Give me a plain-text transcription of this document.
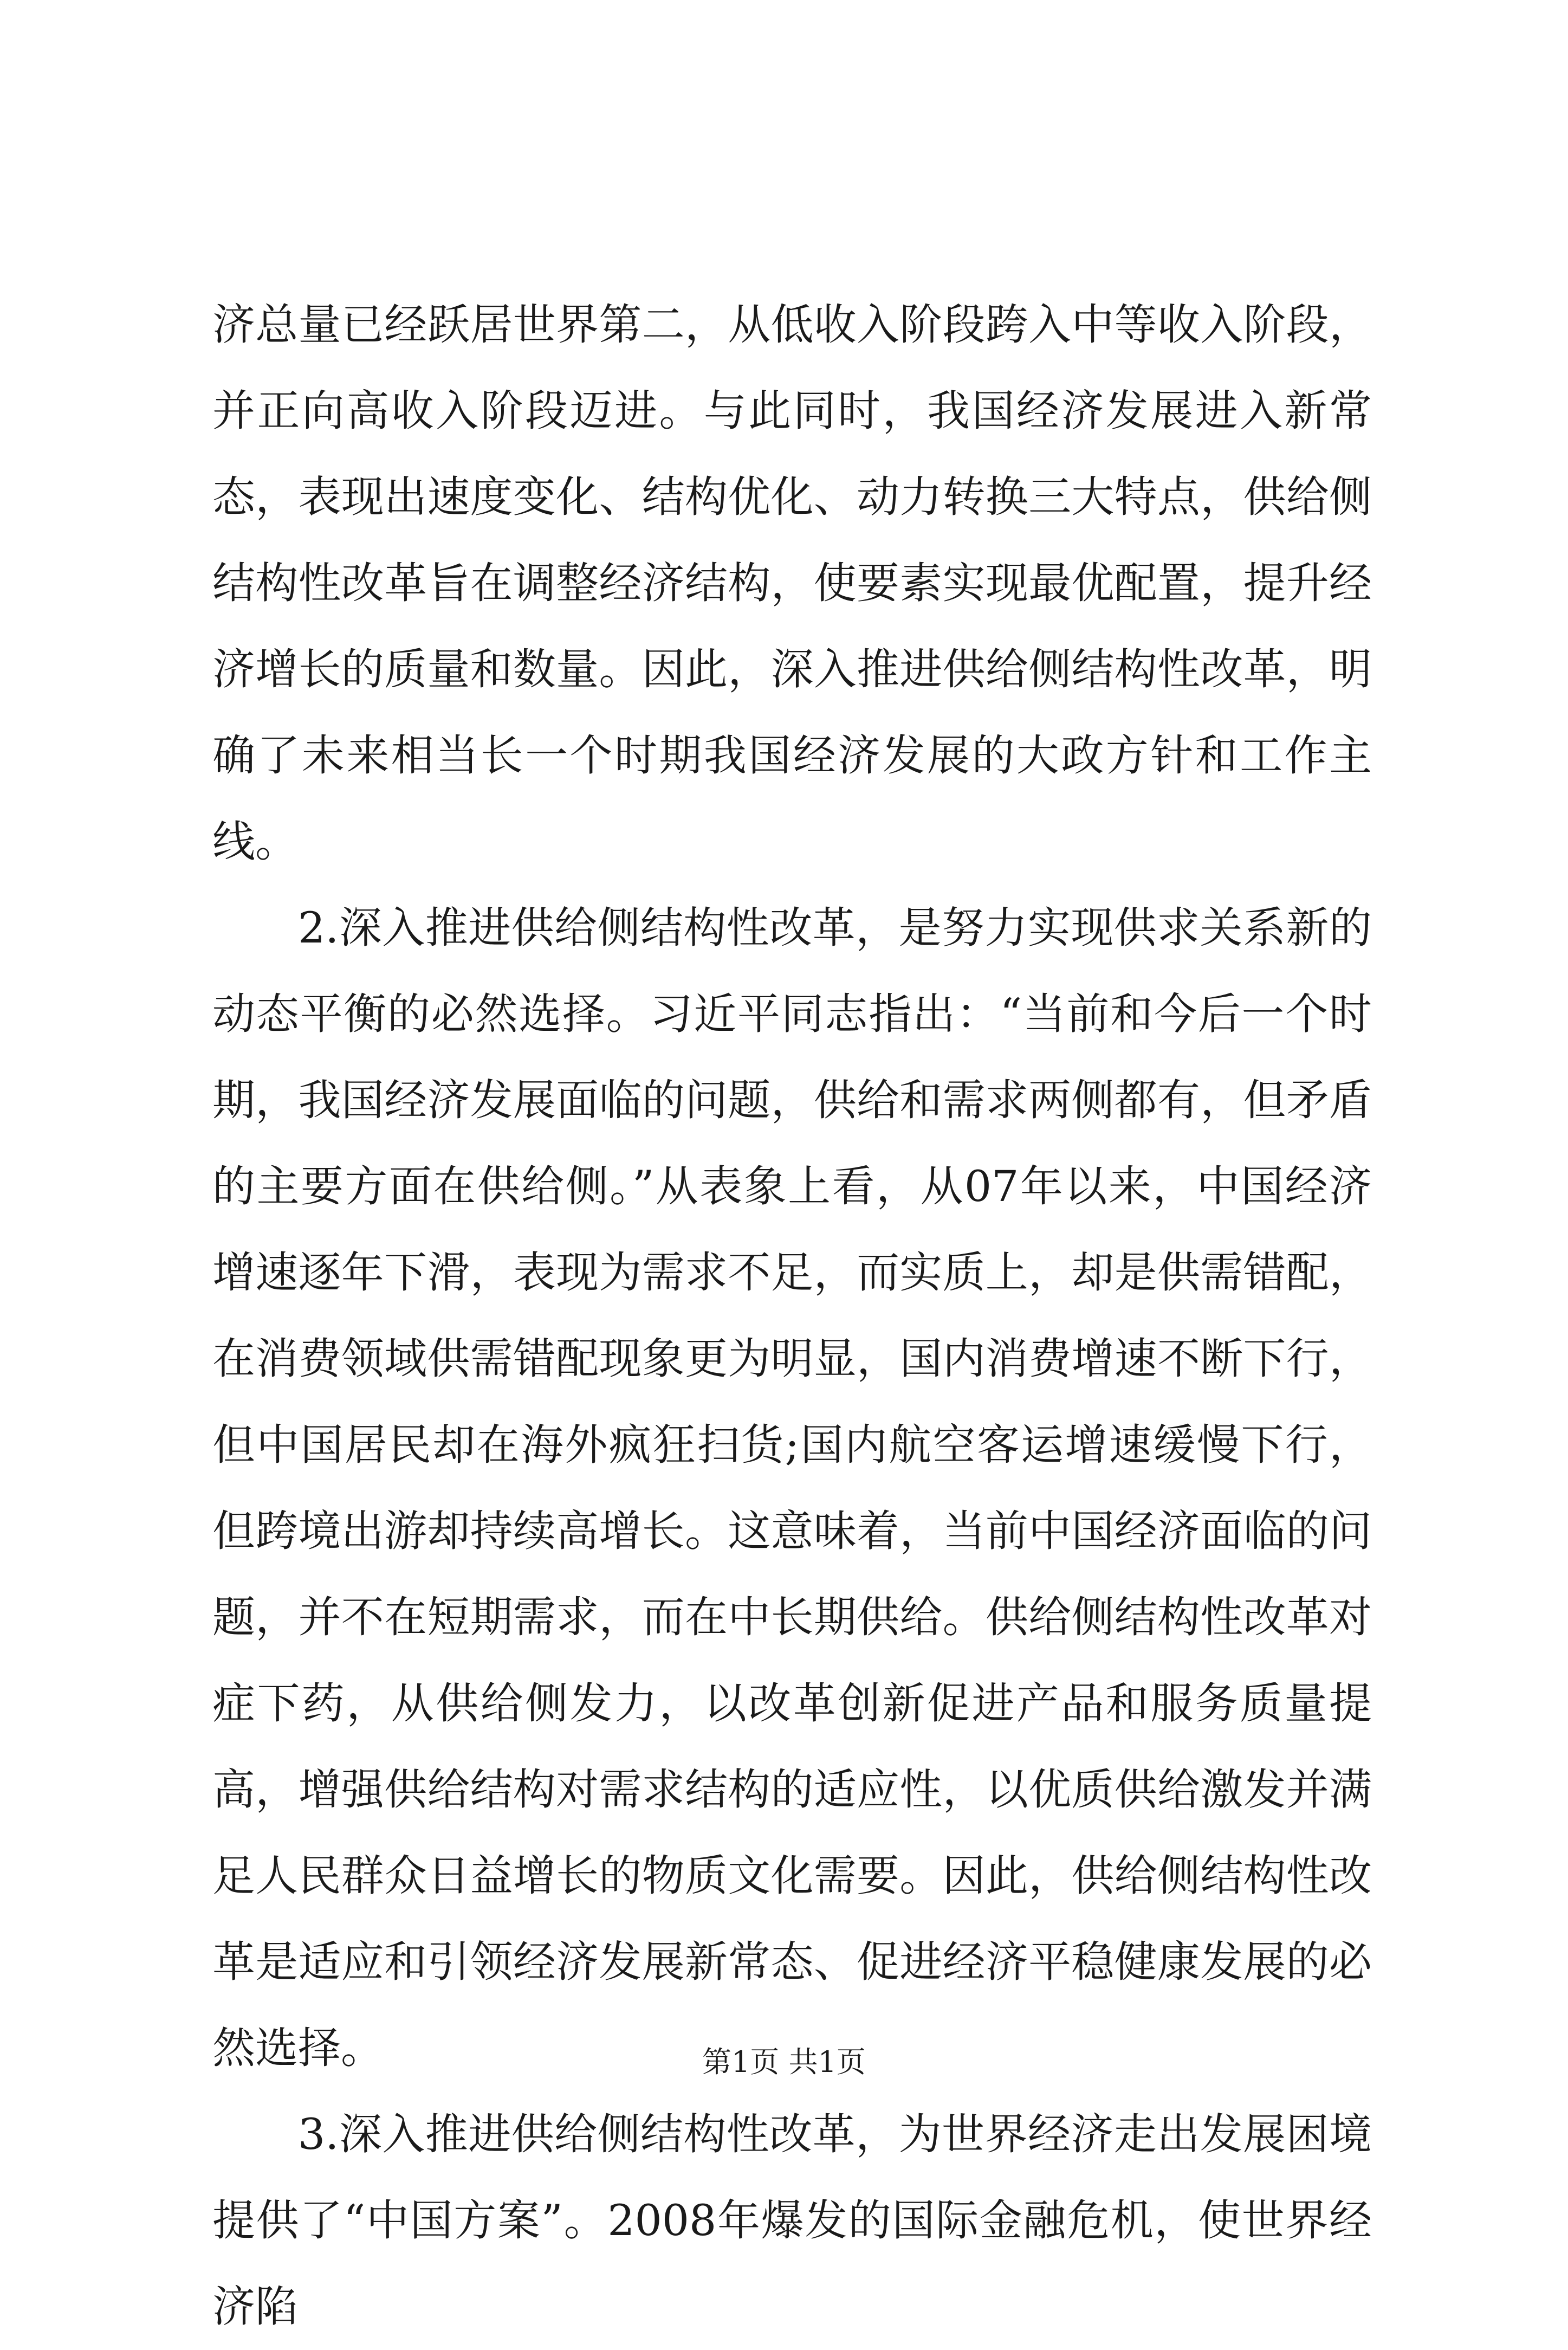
济总量已经跃居世界第二，从低收入阶段跨入中等收入阶段，并正向高收入阶段迈进。与此同时，我国经济发展进入新常态，表现出速度变化、结构优化、动力转换三大特点，供给侧结构性改革旨在调整经济结构，使要素实现最优配置，提升经济增长的质量和数量。因此，深入推进供给侧结构性改革，明确了未来相当长一个时期我国经济发展的大政方针和工作主线。

2.深入推进供给侧结构性改革，是努力实现供求关系新的动态平衡的必然选择。习近平同志指出：“当前和今后一个时期，我国经济发展面临的问题，供给和需求两侧都有，但矛盾的主要方面在供给侧。”从表象上看，从07年以来，中国经济增速逐年下滑，表现为需求不足，而实质上，却是供需错配，在消费领域供需错配现象更为明显，国内消费增速不断下行，但中国居民却在海外疯狂扫货;国内航空客运增速缓慢下行，但跨境出游却持续高增长。这意味着，当前中国经济面临的问题，并不在短期需求，而在中长期供给。供给侧结构性改革对症下药，从供给侧发力，以改革创新促进产品和服务质量提高，增强供给结构对需求结构的适应性，以优质供给激发并满足人民群众日益增长的物质文化需要。因此，供给侧结构性改革是适应和引领经济发展新常态、促进经济平稳健康发展的必然选择。

3.深入推进供给侧结构性改革，为世界经济走出发展困境提供了“中国方案”。2008年爆发的国际金融危机，使世界经济陷

第1页 共1页
